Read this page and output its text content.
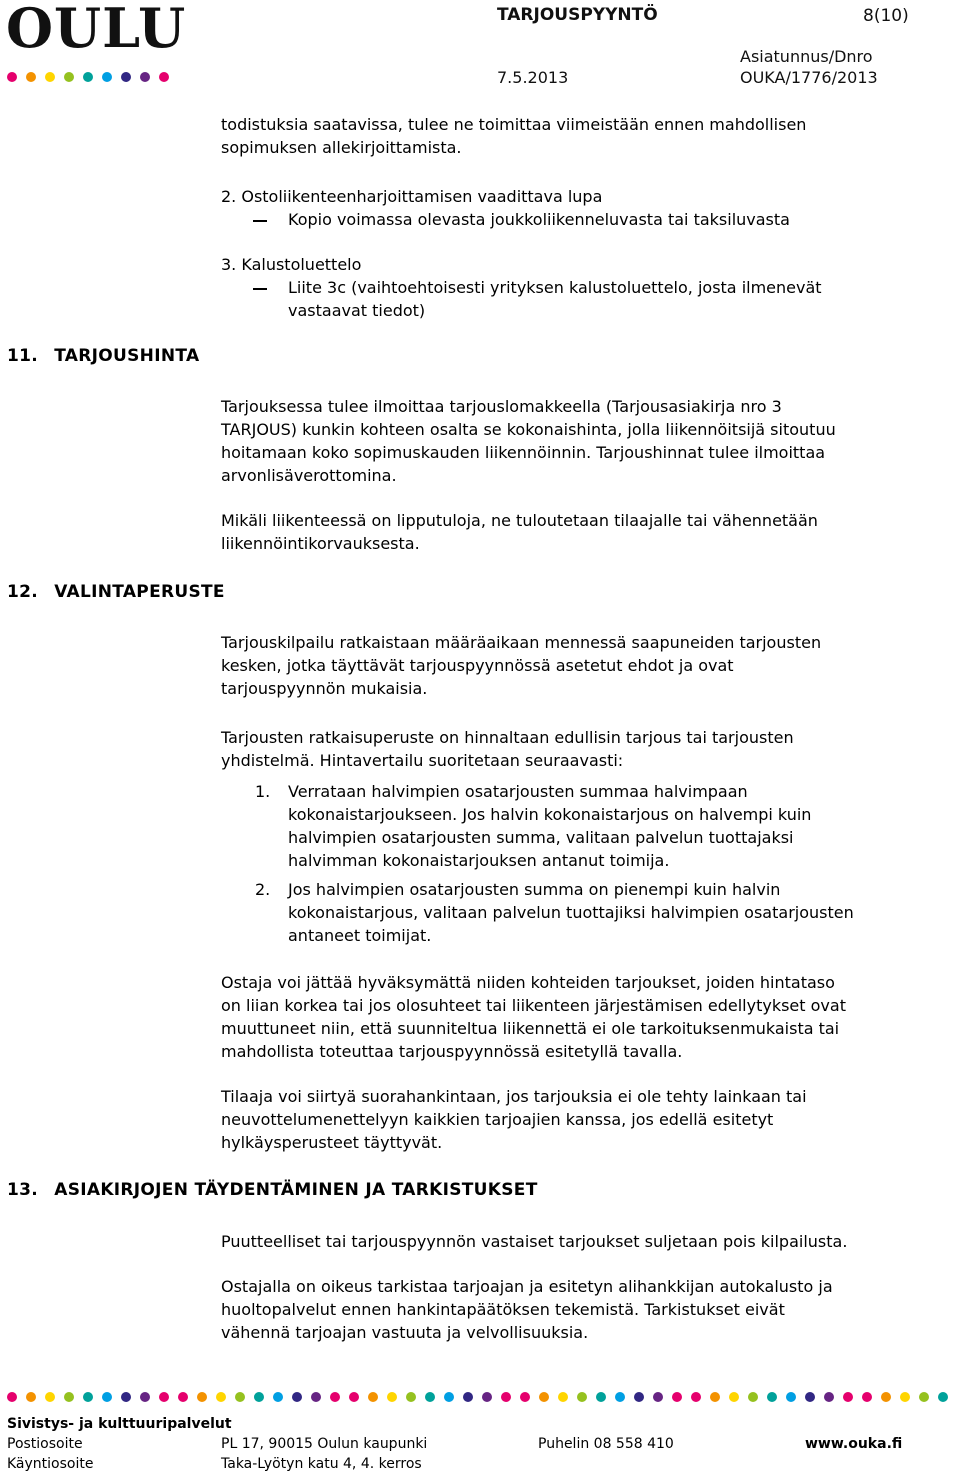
OULU	TARJOUSPYYNTÖ	8(10)
Asiatunnus/Dnro
7.5.2013	OUKA/1776/2013
todistuksia saatavissa, tulee ne toimittaa viimeistään ennen mahdollisen
sopimuksen allekirjoittamista.
2. Ostoliikenteenharjoittamisen vaadittava lupa
Kopio voimassa olevasta joukkoliikenneluvasta tai taksiluvasta
3. Kalustoluettelo
Liite 3c (vaihtoehtoisesti yrityksen kalustoluettelo, josta ilmenevät
vastaavat tiedot)
11. TARJOUSHINTA
Tarjouksessa tulee ilmoittaa tarjouslomakkeella (Tarjousasiakirja nro 3
TARJOUS) kunkin kohteen osalta se kokonaishinta, jolla liikennöitsijä sitoutuu
hoitamaan koko sopimuskauden liikennöinnin. Tarjoushinnat tulee ilmoittaa
arvonlisäverottomina.
Mikäli liikenteessä on lipputuloja, ne tuloutetaan tilaajalle tai vähennetään
liikennöintikorvauksesta.
12. VALINTAPERUSTE
Tarjouskilpailu ratkaistaan määräaikaan mennessä saapuneiden tarjousten
kesken, jotka täyttävät tarjouspyynnössä asetetut ehdot ja ovat
tarjouspyynnön mukaisia.
Tarjousten ratkaisuperuste on hinnaltaan edullisin tarjous tai tarjousten
yhdistelmä. Hintavertailu suoritetaan seuraavasti:
1. Verrataan halvimpien osatarjousten summaa halvimpaan
kokonaistarjoukseen. Jos halvin kokonaistarjous on halvempi kuin
halvimpien osatarjousten summa, valitaan palvelun tuottajaksi
halvimman kokonaistarjouksen antanut toimija.
2. Jos halvimpien osatarjousten summa on pienempi kuin halvin
kokonaistarjous, valitaan palvelun tuottajiksi halvimpien osatarjousten
antaneet toimijat.
Ostaja voi jättää hyväksymättä niiden kohteiden tarjoukset, joiden hintataso
on liian korkea tai jos olosuhteet tai liikenteen järjestämisen edellytykset ovat
muuttuneet niin, että suunniteltua liikennettä ei ole tarkoituksenmukaista tai
mahdollista toteuttaa tarjouspyynnössä esitetyllä tavalla.
Tilaaja voi siirtyä suorahankintaan, jos tarjouksia ei ole tehty lainkaan tai
neuvottelumenettelyyn kaikkien tarjoajien kanssa, jos edellä esitetyt
hylkäysperusteet täyttyvät.
13. ASIAKIRJOJEN TÄYDENTÄMINEN JA TARKISTUKSET
Puutteelliset tai tarjouspyynnön vastaiset tarjoukset suljetaan pois kilpailusta.
Ostajalla on oikeus tarkistaa tarjoajan ja esitetyn alihankkijan autokalusto ja
huoltopalvelut ennen hankintapäätöksen tekemistä. Tarkistukset eivät
vähennä tarjoajan vastuuta ja velvollisuuksia.
Sivistys- ja kulttuuripalvelut
Postiosoite	PL 17, 90015 Oulun kaupunki	Puhelin 08 558 410	www.ouka.fi
Käyntiosoite	Taka-Lyötyn katu 4, 4. kerros
